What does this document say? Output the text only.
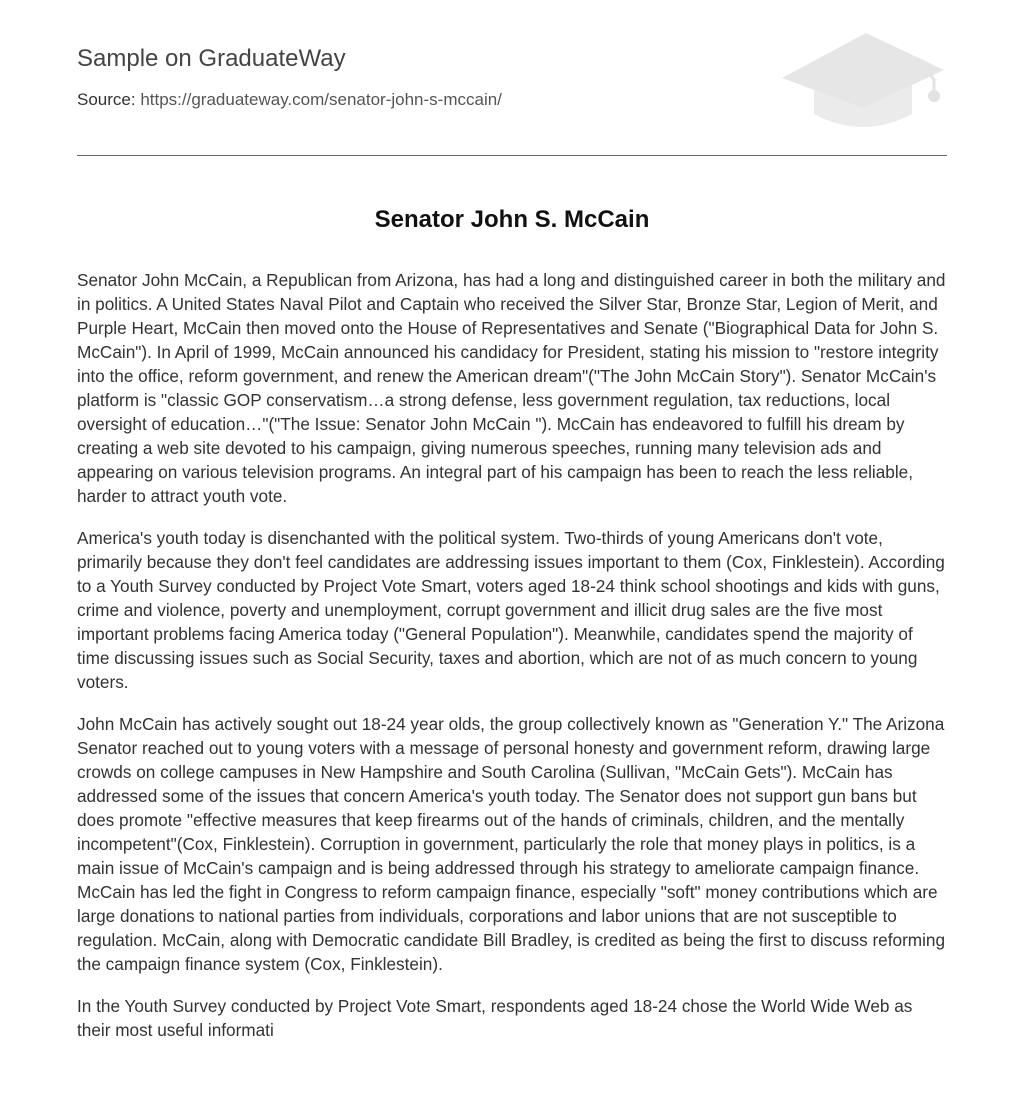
Sample on GraduateWay
Source: https://graduateway.com/senator-john-s-mccain/
Senator John S. McCain

Senator John McCain, a Republican from Arizona, has had a long and distinguished career in both the military and in politics. A United States Naval Pilot and Captain who received the Silver Star, Bronze Star, Legion of Merit, and Purple Heart, McCain then moved onto the House of Representatives and Senate ("Biographical Data for John S. McCain"). In April of 1999, McCain announced his candidacy for President, stating his mission to "restore integrity into the office, reform government, and renew the American dream"("The John McCain Story"). Senator McCain's platform is "classic GOP conservatism…a strong defense, less government regulation, tax reductions, local oversight of education…"("The Issue: Senator John McCain "). McCain has endeavored to fulfill his dream by creating a web site devoted to his campaign, giving numerous speeches, running many television ads and appearing on various television programs. An integral part of his campaign has been to reach the less reliable, harder to attract youth vote.

America's youth today is disenchanted with the political system. Two-thirds of young Americans don't vote, primarily because they don't feel candidates are addressing issues important to them (Cox, Finklestein). According to a Youth Survey conducted by Project Vote Smart, voters aged 18-24 think school shootings and kids with guns, crime and violence, poverty and unemployment, corrupt government and illicit drug sales are the five most important problems facing America today ("General Population"). Meanwhile, candidates spend the majority of time discussing issues such as Social Security, taxes and abortion, which are not of as much concern to young voters.

John McCain has actively sought out 18-24 year olds, the group collectively known as "Generation Y." The Arizona Senator reached out to young voters with a message of personal honesty and government reform, drawing large crowds on college campuses in New Hampshire and South Carolina (Sullivan, "McCain Gets"). McCain has addressed some of the issues that concern America's youth today. The Senator does not support gun bans but does promote "effective measures that keep firearms out of the hands of criminals, children, and the mentally incompetent"(Cox, Finklestein). Corruption in government, particularly the role that money plays in politics, is a main issue of McCain's campaign and is being addressed through his strategy to ameliorate campaign finance. McCain has led the fight in Congress to reform campaign finance, especially "soft" money contributions which are large donations to national parties from individuals, corporations and labor unions that are not susceptible to regulation. McCain, along with Democratic candidate Bill Bradley, is credited as being the first to discuss reforming the campaign finance system (Cox, Finklestein).

In the Youth Survey conducted by Project Vote Smart, respondents aged 18-24 chose the World Wide Web as their most useful informati
